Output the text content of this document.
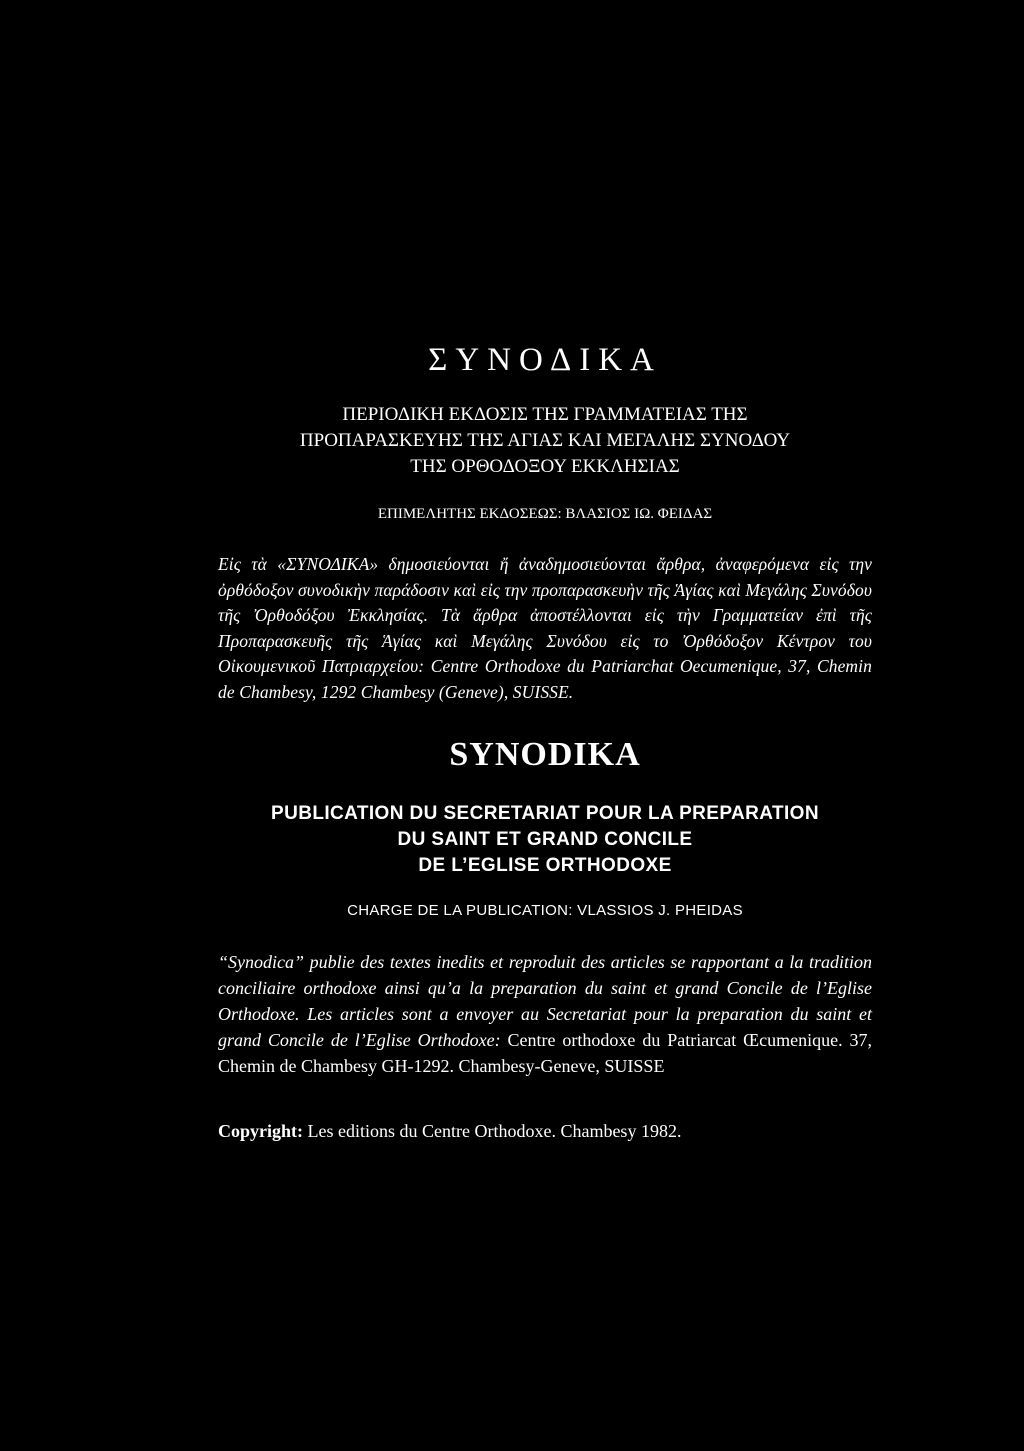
ΣΥΝΟΔΙΚΑ

ΠΕΡΙΟΔΙΚΗ ΕΚΔΟΣΙΣ ΤΗΣ ΓΡΑΜΜΑΤΕΙΑΣ ΤΗΣ

ΠΡΟΠΑΡΑΣΚΕΥΗΣ ΤΗΣ ΑΓΙΑΣ ΚΑΙ ΜΕΓΑΛΗΣ ΣΥΝΟΔΟΥ

ΤΗΣ ΟΡΘΟΔΟΞΟΥ ΕΚΚΛΗΣΙΑΣ

ΕΠΙΜΕΛΗΤΗΣ ΕΚΔΟΣΕΩΣ: ΒΛΑΣΙΟΣ ΙΩ. ΦΕΙΔΑΣ

Εἰς τὰ «ΣΥΝΟΔΙΚΑ» δημοσιεύονται ἤ ἀναδημοσιεύονται ἄρθρα, ἀναφερόμενα εἰς την ὀρθόδοξον συνοδικὴν παράδοσιν καὶ εἰς την προπαρασκευὴν τῆς Ἁγίας καὶ Μεγάλης Συνόδου τῆς Ὀρθοδόξου Ἐκκλησίας. Τὰ ἄρθρα ἀποστέλλονται εἰς τὴν Γραμματείαν ἐπὶ τῆς Προπαρασκευῆς τῆς Ἁγίας καὶ Μεγάλης Συνόδου εἰς το Ὀρθόδοξον Κέντρον του Οἰκουμενικοῦ Πατριαρχείου: Centre Orthodoxe du Patriarchat Oecumenique, 37, Chemin de Chambesy, 1292 Chambesy (Geneve), SUISSE.

SYNODIKA

PUBLICATION DU SECRETARIAT POUR LA PREPARATION

DU SAINT ET GRAND CONCILE

DE L’EGLISE ORTHODOXE

CHARGE DE LA PUBLICATION: VLASSIOS J. PHEIDAS

“Synodica” publie des textes inedits et reproduit des articles se rapportant a la tradition conciliaire orthodoxe ainsi qu’a la preparation du saint et grand Concile de l’Eglise Orthodoxe. Les articles sont a envoyer au Secretariat pour la preparation du saint et grand Concile de l’Eglise Orthodoxe: Centre orthodoxe du Patriarcat Œcumenique. 37, Chemin de Chambesy GH-1292. Chambesy-Geneve, SUISSE

Copyright: Les editions du Centre Orthodoxe. Chambesy 1982.
